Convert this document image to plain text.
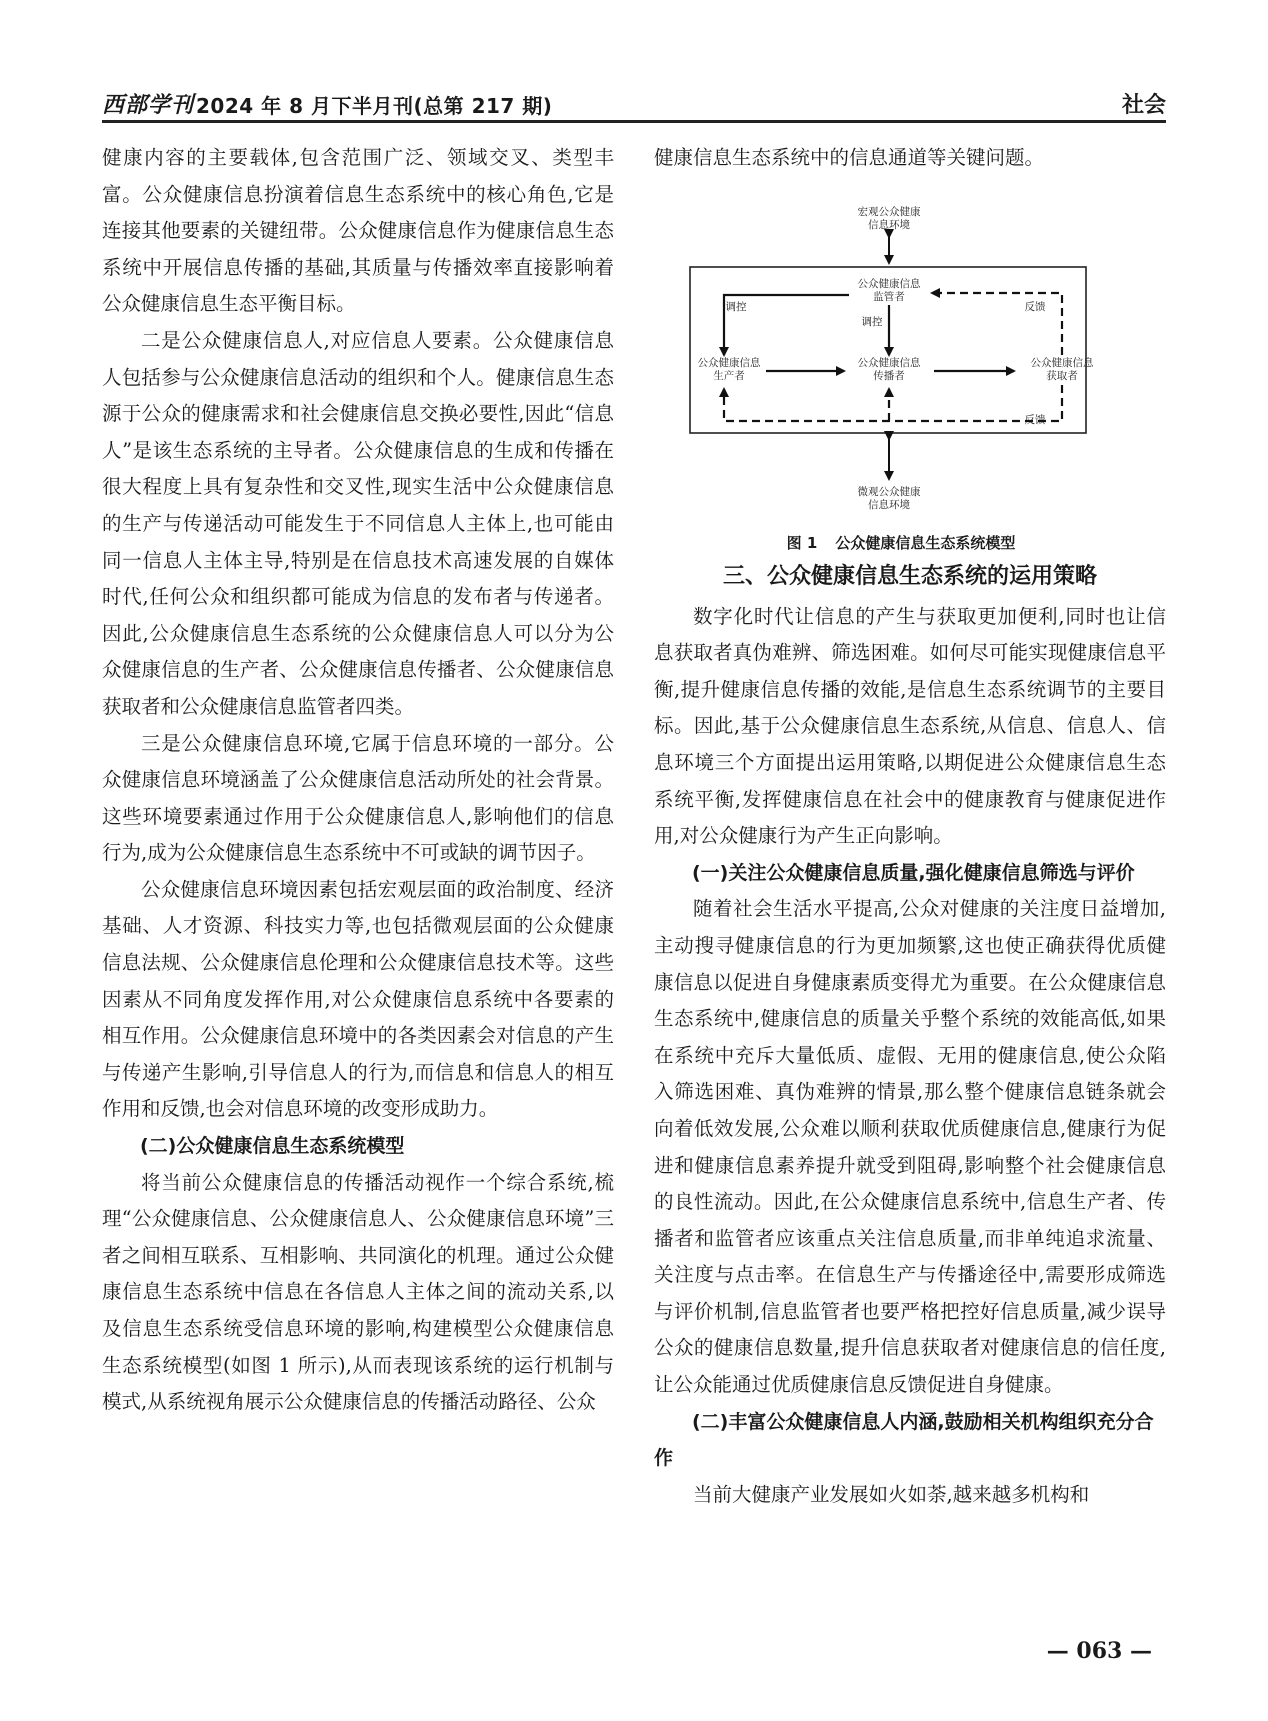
西部学刊 2024 年 8 月下半月刊(总第 217 期)	社会

健康内容的主要载体,包含范围广泛、领域交叉、类型丰富。公众健康信息扮演着信息生态系统中的核心角色,它是连接其他要素的关键纽带。公众健康信息作为健康信息生态系统中开展信息传播的基础,其质量与传播效率直接影响着公众健康信息生态平衡目标。

二是公众健康信息人,对应信息人要素。公众健康信息人包括参与公众健康信息活动的组织和个人。健康信息生态源于公众的健康需求和社会健康信息交换必要性,因此“信息人”是该生态系统的主导者。公众健康信息的生成和传播在很大程度上具有复杂性和交叉性,现实生活中公众健康信息的生产与传递活动可能发生于不同信息人主体上,也可能由同一信息人主体主导,特别是在信息技术高速发展的自媒体时代,任何公众和组织都可能成为信息的发布者与传递者。因此,公众健康信息生态系统的公众健康信息人可以分为公众健康信息的生产者、公众健康信息传播者、公众健康信息获取者和公众健康信息监管者四类。

三是公众健康信息环境,它属于信息环境的一部分。公众健康信息环境涵盖了公众健康信息活动所处的社会背景。这些环境要素通过作用于公众健康信息人,影响他们的信息行为,成为公众健康信息生态系统中不可或缺的调节因子。

公众健康信息环境因素包括宏观层面的政治制度、经济基础、人才资源、科技实力等,也包括微观层面的公众健康信息法规、公众健康信息伦理和公众健康信息技术等。这些因素从不同角度发挥作用,对公众健康信息系统中各要素的相互作用。公众健康信息环境中的各类因素会对信息的产生与传递产生影响,引导信息人的行为,而信息和信息人的相互作用和反馈,也会对信息环境的改变形成助力。

(二)公众健康信息生态系统模型

将当前公众健康信息的传播活动视作一个综合系统,梳理“公众健康信息、公众健康信息人、公众健康信息环境”三者之间相互联系、互相影响、共同演化的机理。通过公众健康信息生态系统中信息在各信息人主体之间的流动关系,以及信息生态系统受信息环境的影响,构建模型公众健康信息生态系统模型(如图 1 所示),从而表现该系统的运行机制与模式,从系统视角展示公众健康信息的传播活动路径、公众

健康信息生态系统中的信息通道等关键问题。

宏观公众健康
信息环境
公众健康信息
监管者
公众健康信息
生产者
公众健康信息
传播者
公众健康信息
获取者
微观公众健康
信息环境
调控
调控
反馈
反馈
图 1 公众健康信息生态系统模型
三、公众健康信息生态系统的运用策略

数字化时代让信息的产生与获取更加便利,同时也让信息获取者真伪难辨、筛选困难。如何尽可能实现健康信息平衡,提升健康信息传播的效能,是信息生态系统调节的主要目标。因此,基于公众健康信息生态系统,从信息、信息人、信息环境三个方面提出运用策略,以期促进公众健康信息生态系统平衡,发挥健康信息在社会中的健康教育与健康促进作用,对公众健康行为产生正向影响。

(一)关注公众健康信息质量,强化健康信息筛选与评价

随着社会生活水平提高,公众对健康的关注度日益增加,主动搜寻健康信息的行为更加频繁,这也使正确获得优质健康信息以促进自身健康素质变得尤为重要。在公众健康信息生态系统中,健康信息的质量关乎整个系统的效能高低,如果在系统中充斥大量低质、虚假、无用的健康信息,使公众陷入筛选困难、真伪难辨的情景,那么整个健康信息链条就会向着低效发展,公众难以顺利获取优质健康信息,健康行为促进和健康信息素养提升就受到阻碍,影响整个社会健康信息的良性流动。因此,在公众健康信息系统中,信息生产者、传播者和监管者应该重点关注信息质量,而非单纯追求流量、关注度与点击率。在信息生产与传播途径中,需要形成筛选与评价机制,信息监管者也要严格把控好信息质量,减少误导公众的健康信息数量,提升信息获取者对健康信息的信任度,让公众能通过优质健康信息反馈促进自身健康。

(二)丰富公众健康信息人内涵,鼓励相关机构组织充分合作

当前大健康产业发展如火如荼,越来越多机构和

— 063 —
